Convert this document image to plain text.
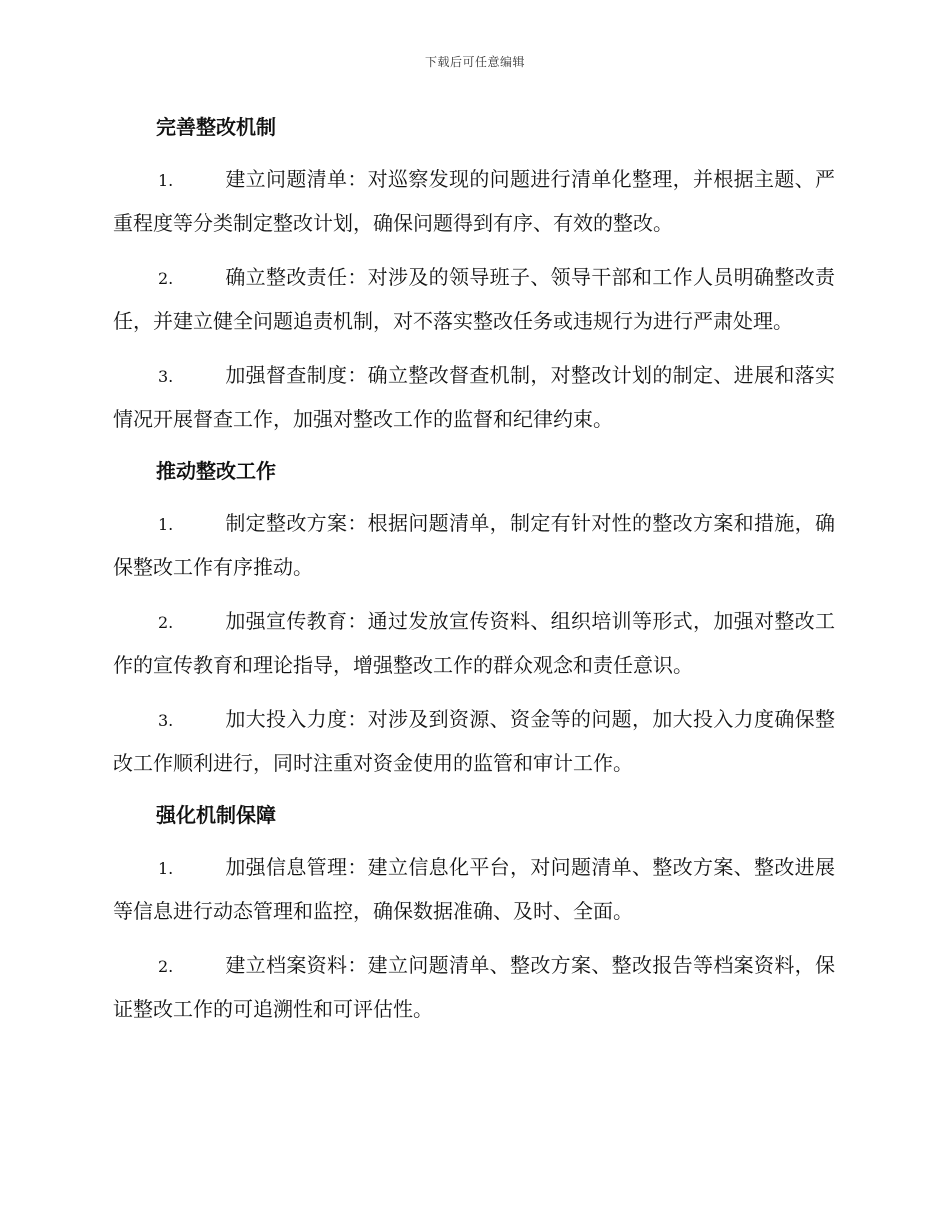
下载后可任意编辑
完善整改机制

1.	建立问题清单：对巡察发现的问题进行清单化整理，并根据主题、严重程度等分类制定整改计划，确保问题得到有序、有效的整改。

2.	确立整改责任：对涉及的领导班子、领导干部和工作人员明确整改责任，并建立健全问题追责机制，对不落实整改任务或违规行为进行严肃处理。

3.	加强督查制度：确立整改督查机制，对整改计划的制定、进展和落实情况开展督查工作，加强对整改工作的监督和纪律约束。

推动整改工作

1.	制定整改方案：根据问题清单，制定有针对性的整改方案和措施，确保整改工作有序推动。

2.	加强宣传教育：通过发放宣传资料、组织培训等形式，加强对整改工作的宣传教育和理论指导，增强整改工作的群众观念和责任意识。

3.	加大投入力度：对涉及到资源、资金等的问题，加大投入力度确保整改工作顺利进行，同时注重对资金使用的监管和审计工作。

强化机制保障

1.	加强信息管理：建立信息化平台，对问题清单、整改方案、整改进展等信息进行动态管理和监控，确保数据准确、及时、全面。

2.	建立档案资料：建立问题清单、整改方案、整改报告等档案资料，保证整改工作的可追溯性和可评估性。
